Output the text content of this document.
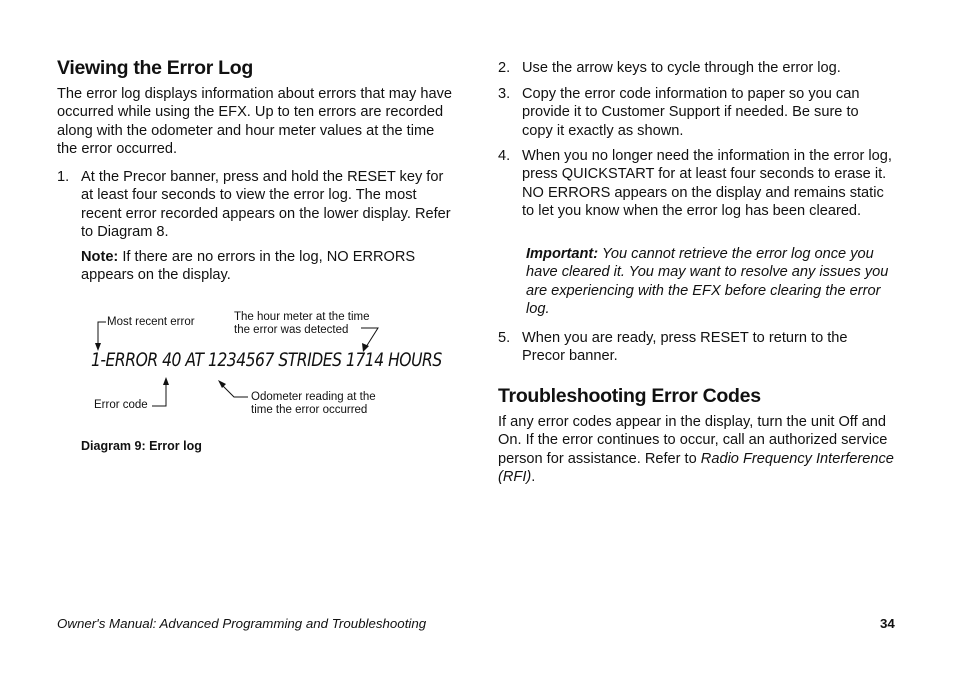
Viewing the Error Log

The error log displays information about errors that may have occurred while using the EFX. Up to ten errors are recorded along with the odometer and hour meter values at the time the error occurred.

1. At the Precor banner, press and hold the RESET key for at least four seconds to view the error log. The most recent error recorded appears on the lower display. Refer to Diagram 8.

Note: If there are no errors in the log, NO ERRORS appears on the display.

Most recent error	The hour meter at the time
the error was detected
1-ERROR 40 AT 1234567 STRIDES 1714 HOURS
Error code
Odometer reading at the
time the error occurred
Diagram 9: Error log
2. Use the arrow keys to cycle through the error log.

3. Copy the error code information to paper so you can provide it to Customer Support if needed. Be sure to copy it exactly as shown.

4. When you no longer need the information in the error log, press QUICKSTART for at least four seconds to erase it. NO ERRORS appears on the display and remains static to let you know when the error log has been cleared.

Important: You cannot retrieve the error log once you have cleared it. You may want to resolve any issues you are experiencing with the EFX before clearing the error log.

5. When you are ready, press RESET to return to the Precor banner.

Troubleshooting Error Codes

If any error codes appear in the display, turn the unit Off and On. If the error continues to occur, call an authorized service person for assistance. Refer to Radio Frequency Interference (RFI).

Owner's Manual: Advanced Programming and Troubleshooting	34
